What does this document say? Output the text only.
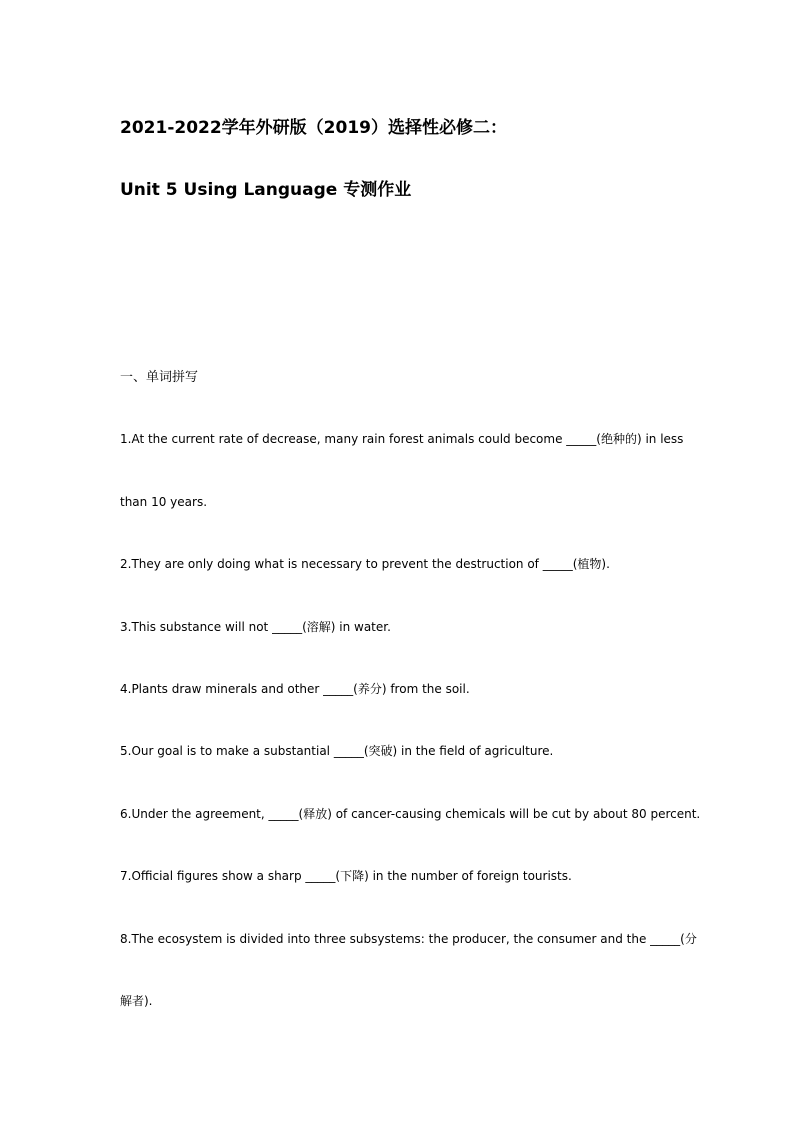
2021-2022学年外研版（2019）选择性必修二：
Unit 5 Using Language 专测作业
一、单词拼写
1.At the current rate of decrease, many rain forest animals could become _____(绝种的) in less
than 10 years.
2.They are only doing what is necessary to prevent the destruction of _____(植物).
3.This substance will not _____(溶解) in water.
4.Plants draw minerals and other _____(养分) from the soil.
5.Our goal is to make a substantial _____(突破) in the field of agriculture.
6.Under the agreement, _____(释放) of cancer-causing chemicals will be cut by about 80 percent.
7.Official figures show a sharp _____(下降) in the number of foreign tourists.
8.The ecosystem is divided into three subsystems: the producer, the consumer and the _____(分
解者).
